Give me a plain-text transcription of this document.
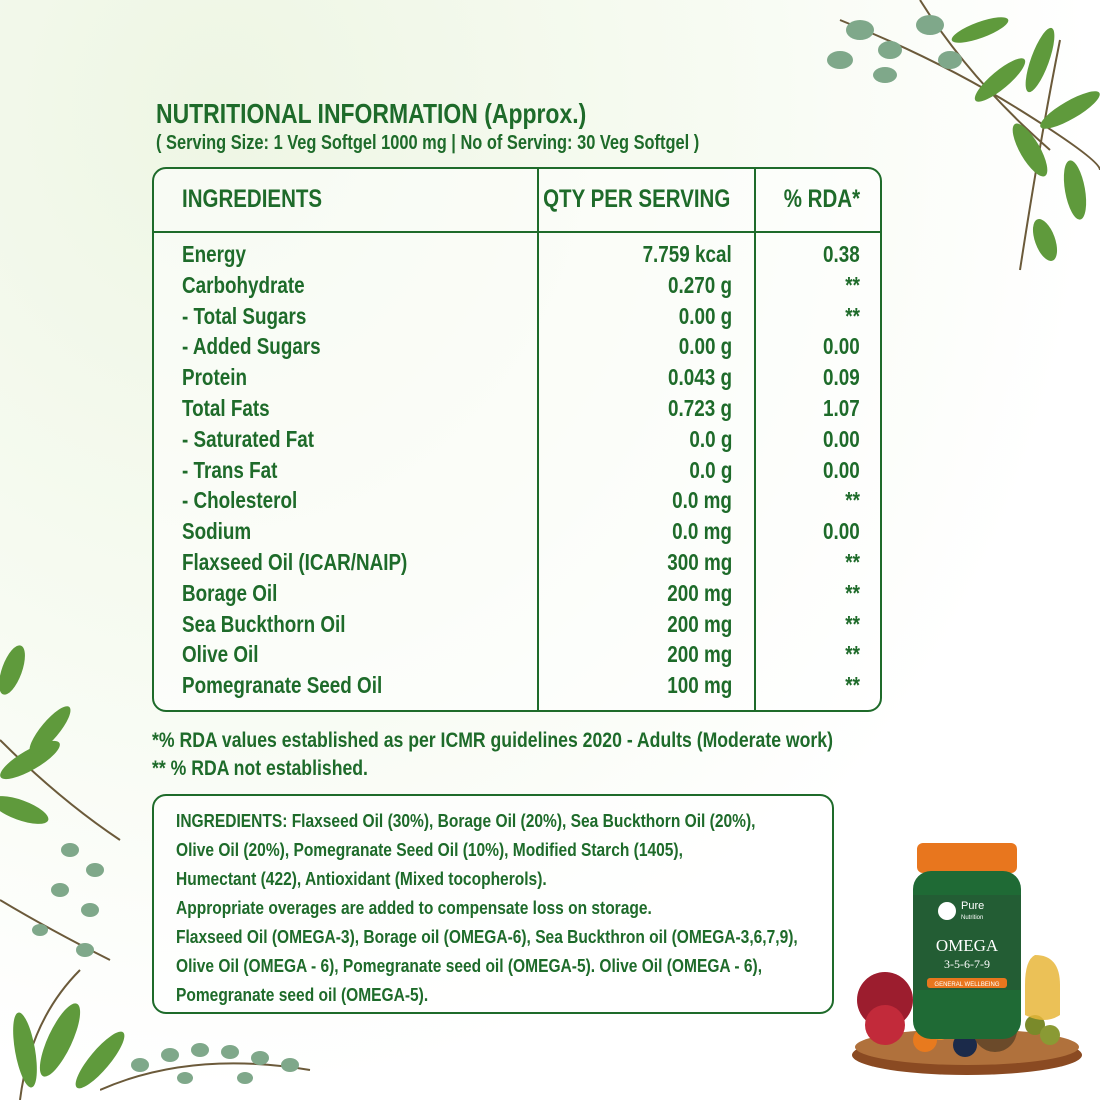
NUTRITIONAL INFORMATION (Approx.)
( Serving Size: 1 Veg Softgel 1000 mg | No of Serving: 30 Veg Softgel )
INGREDIENTS	QTY PER SERVING % RDA*
Energy	7.759 kcal	0.38
Carbohydrate	0.270 g	**
- Total Sugars	0.00 g	**
- Added Sugars	0.00 g	0.00
Protein	0.043 g	0.09
Total Fats	0.723 g	1.07
- Saturated Fat	0.0 g	0.00
- Trans Fat	0.0 g	0.00
- Cholesterol	0.0 mg	**
Sodium	0.0 mg	0.00
Flaxseed Oil (ICAR/NAIP)	300 mg	**
Borage Oil	200 mg	**
Sea Buckthorn Oil	200 mg	**
Olive Oil	200 mg	**
Pomegranate Seed Oil	100 mg	**
*% RDA values established as per ICMR guidelines 2020 - Adults (Moderate work)
** % RDA not established.
INGREDIENTS: Flaxseed Oil (30%), Borage Oil (20%), Sea Buckthorn Oil (20%),
Olive Oil (20%), Pomegranate Seed Oil (10%), Modified Starch (1405),
Humectant (422), Antioxidant (Mixed tocopherols).
Appropriate overages are added to compensate loss on storage.
Flaxseed Oil (OMEGA-3), Borage oil (OMEGA-6), Sea Buckthron oil (OMEGA-3,6,7,9),
Olive Oil (OMEGA - 6), Pomegranate seed oil (OMEGA-5). Olive Oil (OMEGA - 6),
Pomegranate seed oil (OMEGA-5).
Pure
Nutrition
OMEGA
3-5-6-7-9
GENERAL WELLBEING
